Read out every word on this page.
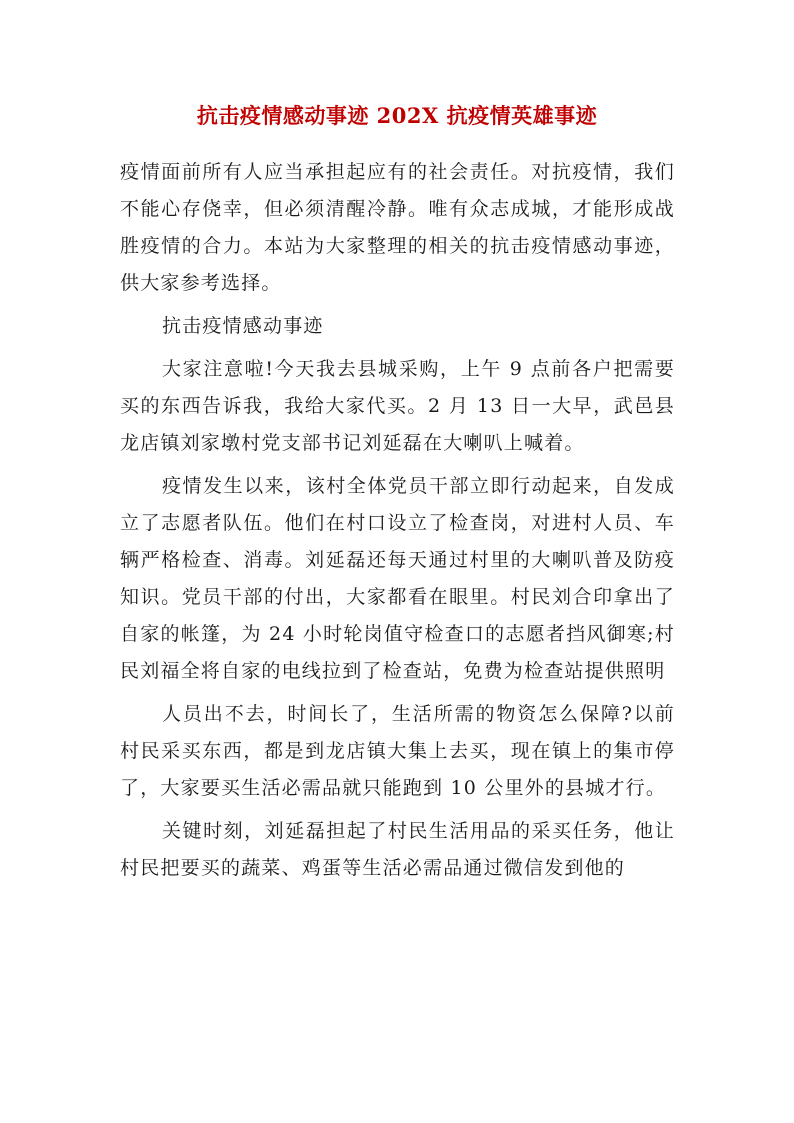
抗击疫情感动事迹 202X 抗疫情英雄事迹

疫情面前所有人应当承担起应有的社会责任。对抗疫情，我们不能心存侥幸，但必须清醒冷静。唯有众志成城，才能形成战胜疫情的合力。本站为大家整理的相关的抗击疫情感动事迹，供大家参考选择。

抗击疫情感动事迹

大家注意啦!今天我去县城采购，上午 9 点前各户把需要买的东西告诉我，我给大家代买。2 月 13 日一大早，武邑县龙店镇刘家墩村党支部书记刘延磊在大喇叭上喊着。

疫情发生以来，该村全体党员干部立即行动起来，自发成立了志愿者队伍。他们在村口设立了检查岗，对进村人员、车辆严格检查、消毒。刘延磊还每天通过村里的大喇叭普及防疫知识。党员干部的付出，大家都看在眼里。村民刘合印拿出了自家的帐篷，为 24 小时轮岗值守检查口的志愿者挡风御寒;村民刘福全将自家的电线拉到了检查站，免费为检查站提供照明

人员出不去，时间长了，生活所需的物资怎么保障?以前村民采买东西，都是到龙店镇大集上去买，现在镇上的集市停了，大家要买生活必需品就只能跑到 10 公里外的县城才行。

关键时刻，刘延磊担起了村民生活用品的采买任务，他让村民把要买的蔬菜、鸡蛋等生活必需品通过微信发到他的
